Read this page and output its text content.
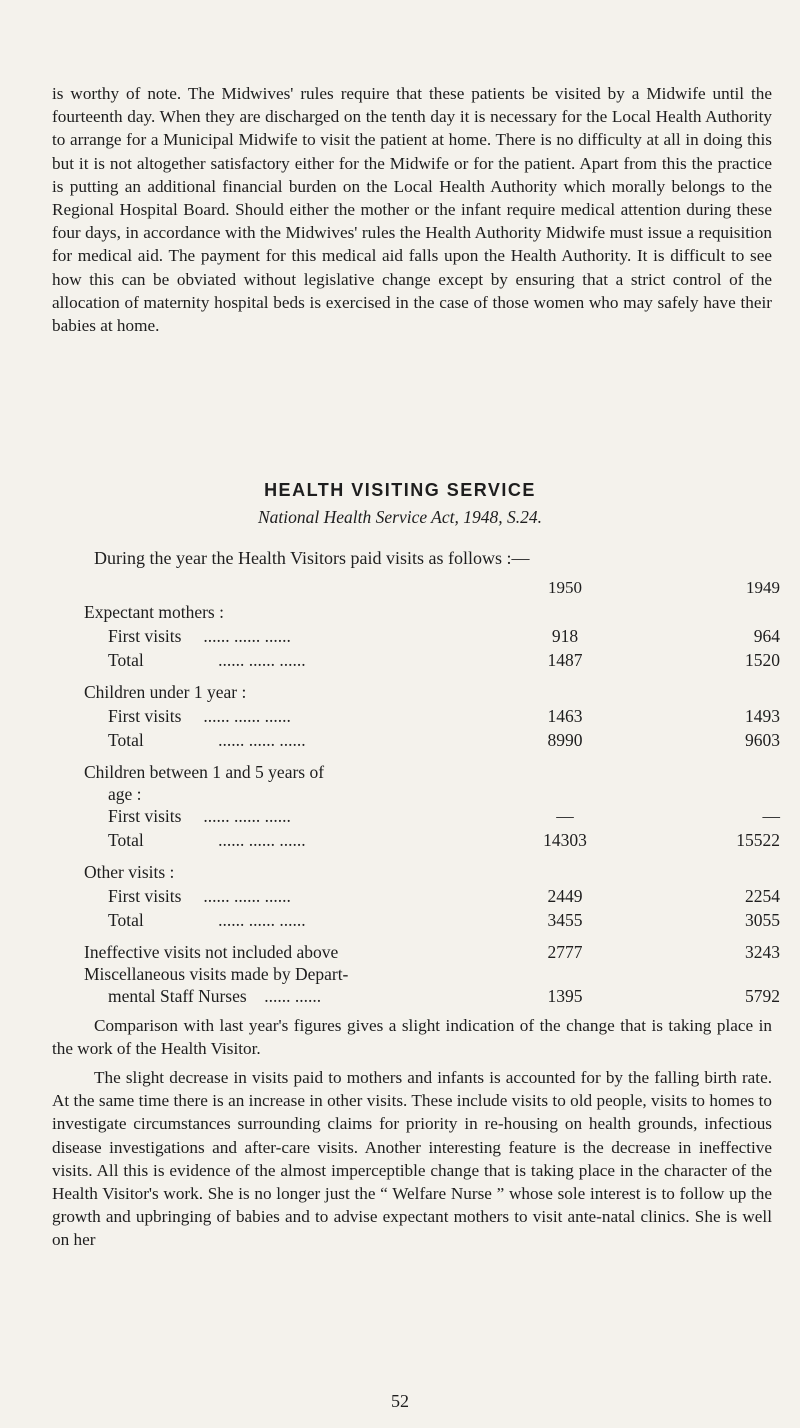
is worthy of note. The Midwives' rules require that these patients be visited by a Midwife until the fourteenth day. When they are discharged on the tenth day it is necessary for the Local Health Authority to arrange for a Municipal Midwife to visit the patient at home. There is no difficulty at all in doing this but it is not altogether satisfactory either for the Midwife or for the patient. Apart from this the practice is putting an additional financial burden on the Local Health Authority which morally belongs to the Regional Hospital Board. Should either the mother or the infant require medical attention during these four days, in accordance with the Midwives' rules the Health Authority Midwife must issue a requisition for medical aid. The payment for this medical aid falls upon the Health Authority. It is difficult to see how this can be obviated without legislative change except by ensuring that a strict control of the allocation of maternity hospital beds is exercised in the case of those women who may safely have their babies at home.

HEALTH VISITING SERVICE
National Health Service Act, 1948, S.24.

During the year the Health Visitors paid visits as follows :—

1950	1949
Expectant mothers :
First visits ...... ...... ......	918	964
Total	...... ...... ......	1487	1520
Children under 1 year :
First visits ...... ...... ......	1463	1493
Total	...... ...... ......	8990	9603
Children between 1 and 5 years of
age :
First visits ...... ...... ......	—	—
Total	...... ...... ......	14303	15522
Other visits :
First visits ...... ...... ......	2449	2254
Total	...... ...... ......	3455	3055
Ineffective visits not included above	2777	3243
Miscellaneous visits made by Depart-
mental Staff Nurses ...... ......	1395	5792

Comparison with last year's figures gives a slight indication of the change that is taking place in the work of the Health Visitor.

The slight decrease in visits paid to mothers and infants is accounted for by the falling birth rate. At the same time there is an increase in other visits. These include visits to old people, visits to homes to investigate circumstances surrounding claims for priority in re-housing on health grounds, infectious disease investigations and after-care visits. Another interesting feature is the decrease in ineffective visits. All this is evidence of the almost imperceptible change that is taking place in the character of the Health Visitor's work. She is no longer just the “ Welfare Nurse ” whose sole interest is to follow up the growth and upbringing of babies and to advise expectant mothers to visit ante-natal clinics. She is well on her

52
